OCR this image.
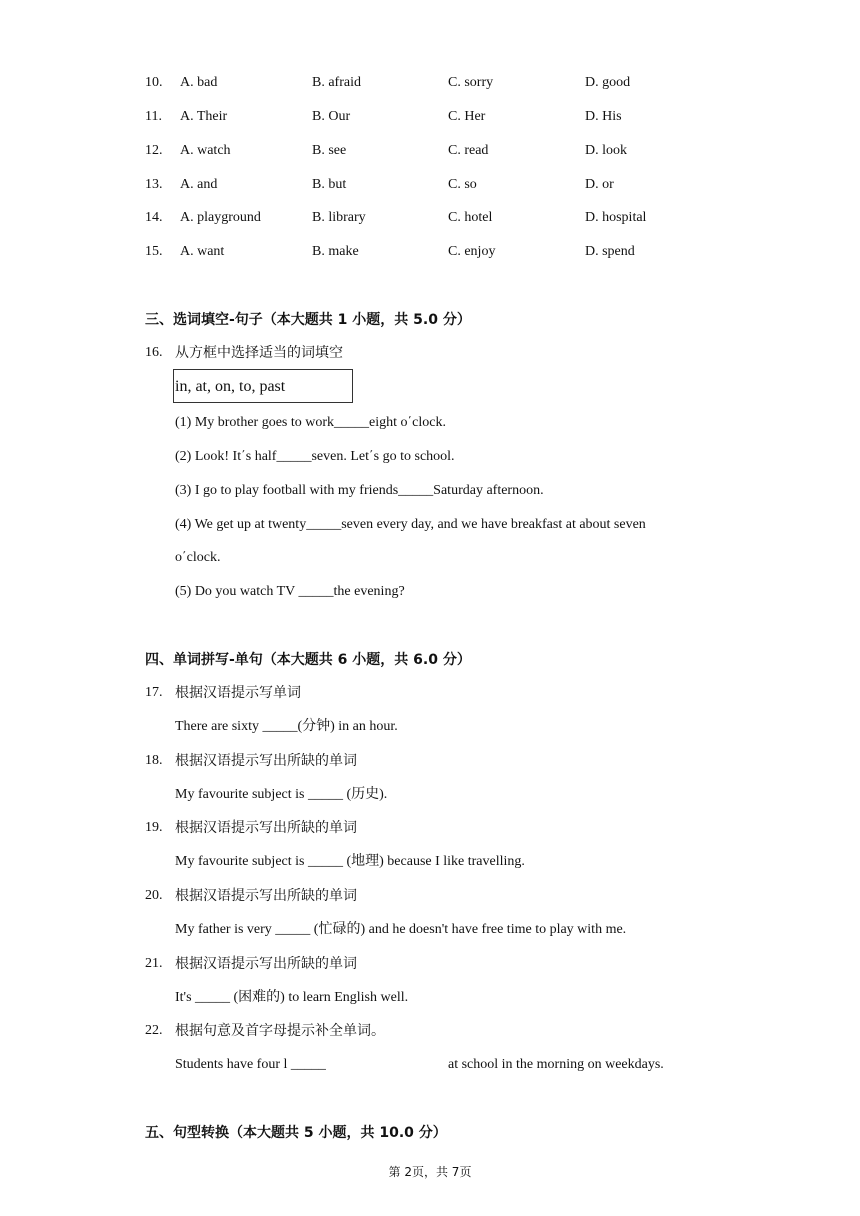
10. A. bad	B. afraid	C. sorry	D. good
11. A. Their	B. Our	C. Her	D. His
12. A. watch	B. see	C. read	D. look
13. A. and	B. but	C. so	D. or
14. A. playground	B. library	C. hotel	D. hospital
15. A. want	B. make	C. enjoy	D. spend
三、选词填空-句子（本大题共 1 小题，共 5.0 分）
16. 从方框中选择适当的词填空
in, at, on, to, past
(1) My brother goes to work_____eight o΄clock.
(2) Look! It΄s half_____seven. Let΄s go to school.
(3) I go to play football with my friends_____Saturday afternoon.
(4) We get up at twenty_____seven every day, and we have breakfast at about seven
o΄clock.
(5) Do you watch TV _____the evening?
四、单词拼写-单句（本大题共 6 小题，共 6.0 分）
17. 根据汉语提示写单词
There are sixty _____(分钟) in an hour.
18. 根据汉语提示写出所缺的单词
My favourite subject is _____ (历史).
19. 根据汉语提示写出所缺的单词
My favourite subject is _____ (地理) because I like travelling.
20. 根据汉语提示写出所缺的单词
My father is very _____ (忙碌的) and he doesn't have free time to play with me.
21. 根据汉语提示写出所缺的单词
It's _____ (困难的) to learn English well.
22. 根据句意及首字母提示补全单词。
Students have four l _____	at school in the morning on weekdays.
五、句型转换（本大题共 5 小题，共 10.0 分）
第 2页，共 7页
